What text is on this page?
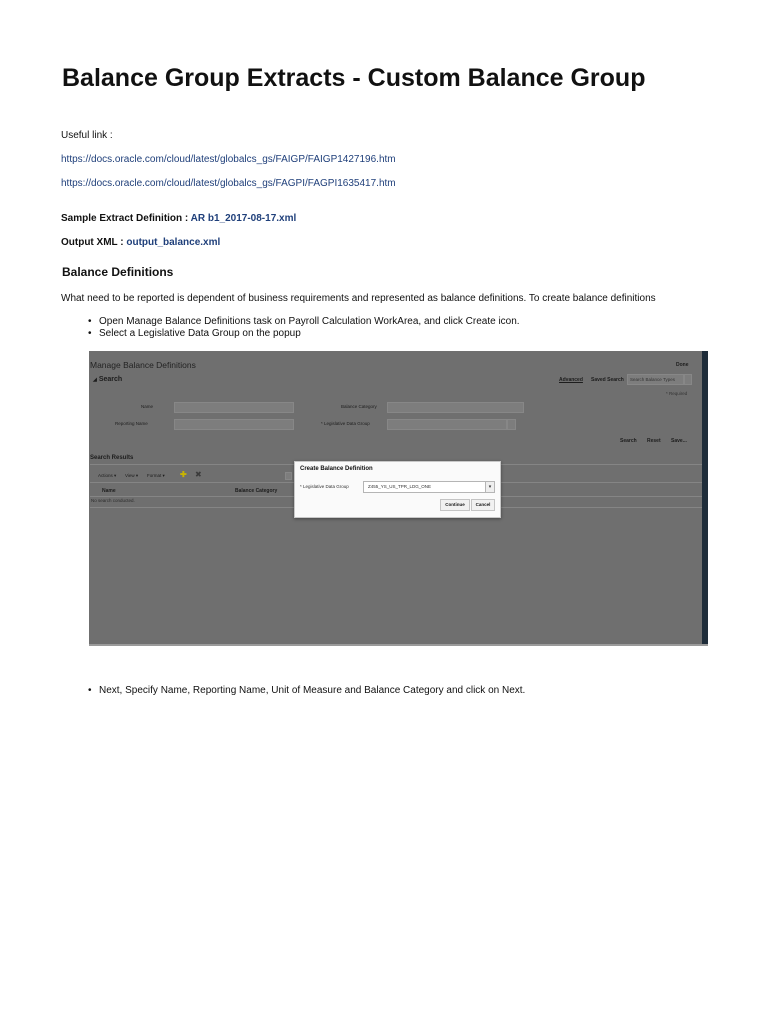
Balance Group Extracts - Custom Balance Group
Useful link :
https://docs.oracle.com/cloud/latest/globalcs_gs/FAIGP/FAIGP1427196.htm
https://docs.oracle.com/cloud/latest/globalcs_gs/FAGPI/FAGPI1635417.htm
Sample Extract Definition : AR b1_2017-08-17.xml
Output XML : output_balance.xml
Balance Definitions
What need to be reported is dependent of business requirements and represented as balance definitions. To create balance definitions
• Open Manage Balance Definitions task on Payroll Calculation WorkArea, and click Create icon.
• Select a Legislative Data Group on the popup
Manage Balance Definitions	Done
◢ Search	Advanced Saved Search Search Balance Types
* Required
Name	Balance Category
Reporting Name	* Legislative Data Group
Search Reset Save...
Search Results
Actions ▾ View ▾ Format ▾ ✚ ✖
Name	Balance Category
No search conducted.
Create Balance Definition
* Legislative Data Group	Z455_YS_US_TPR_LDG_ONE	▾
Continue	Cancel
• Next, Specify Name, Reporting Name, Unit of Measure and Balance Category and click on Next.
